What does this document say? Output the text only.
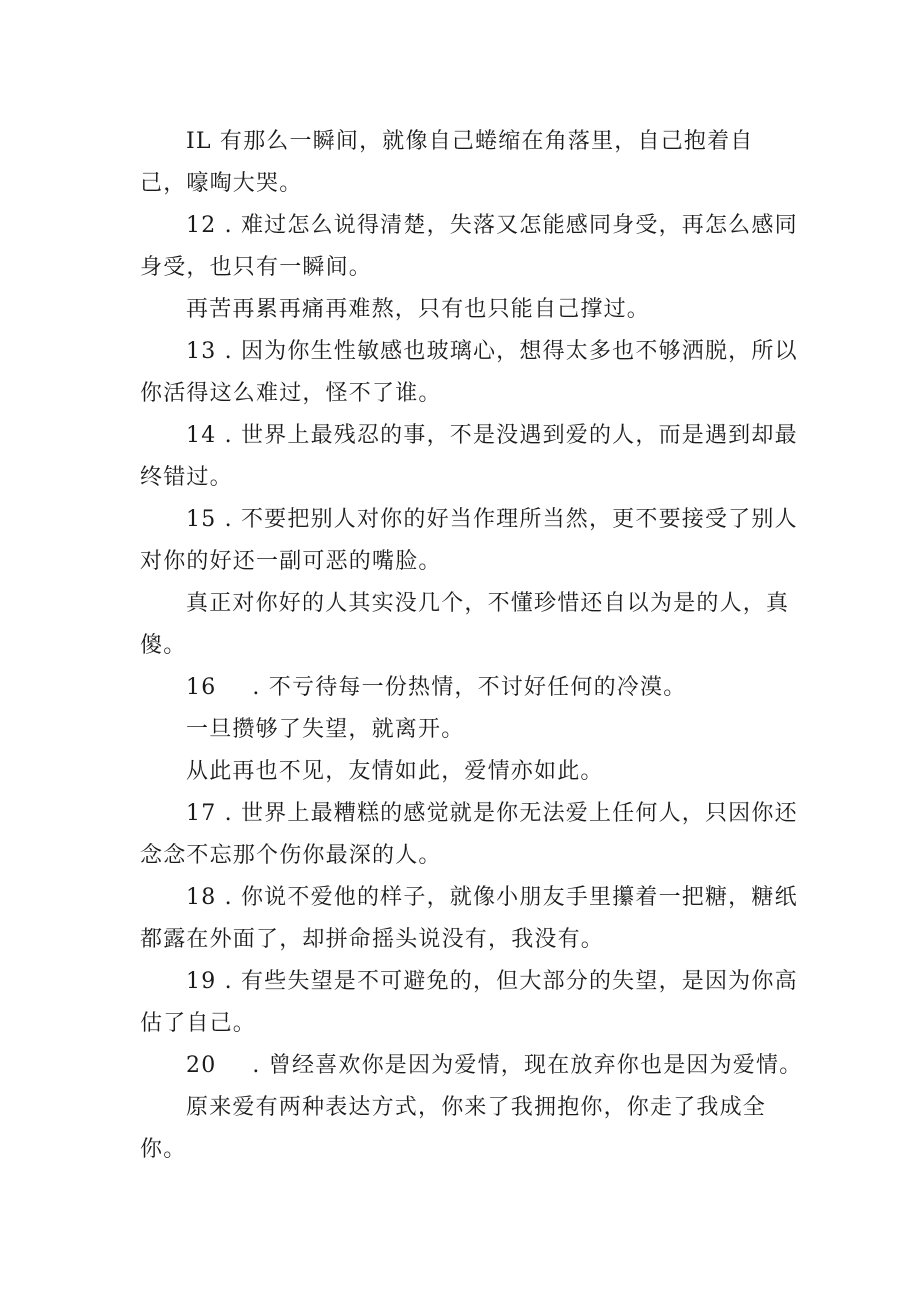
IL 有那么一瞬间，就像自己蜷缩在角落里，自己抱着自
己，嚎啕大哭。
12 . 难过怎么说得清楚，失落又怎能感同身受，再怎么感同
身受，也只有一瞬间。
再苦再累再痛再难熬，只有也只能自己撑过。
13 . 因为你生性敏感也玻璃心，想得太多也不够洒脱，所以
你活得这么难过，怪不了谁。
14 . 世界上最残忍的事，不是没遇到爱的人，而是遇到却最
终错过。
15 . 不要把别人对你的好当作理所当然，更不要接受了别人
对你的好还一副可恶的嘴脸。
真正对你好的人其实没几个，不懂珍惜还自以为是的人，真
傻。
16 . 不亏待每一份热情，不讨好任何的冷漠。
一旦攒够了失望，就离开。
从此再也不见，友情如此，爱情亦如此。
17 . 世界上最糟糕的感觉就是你无法爱上任何人，只因你还
念念不忘那个伤你最深的人。
18 . 你说不爱他的样子，就像小朋友手里攥着一把糖，糖纸
都露在外面了，却拼命摇头说没有，我没有。
19 . 有些失望是不可避免的，但大部分的失望，是因为你高
估了自己。
20 . 曾经喜欢你是因为爱情，现在放弃你也是因为爱情。
原来爱有两种表达方式，你来了我拥抱你，你走了我成全
你。
